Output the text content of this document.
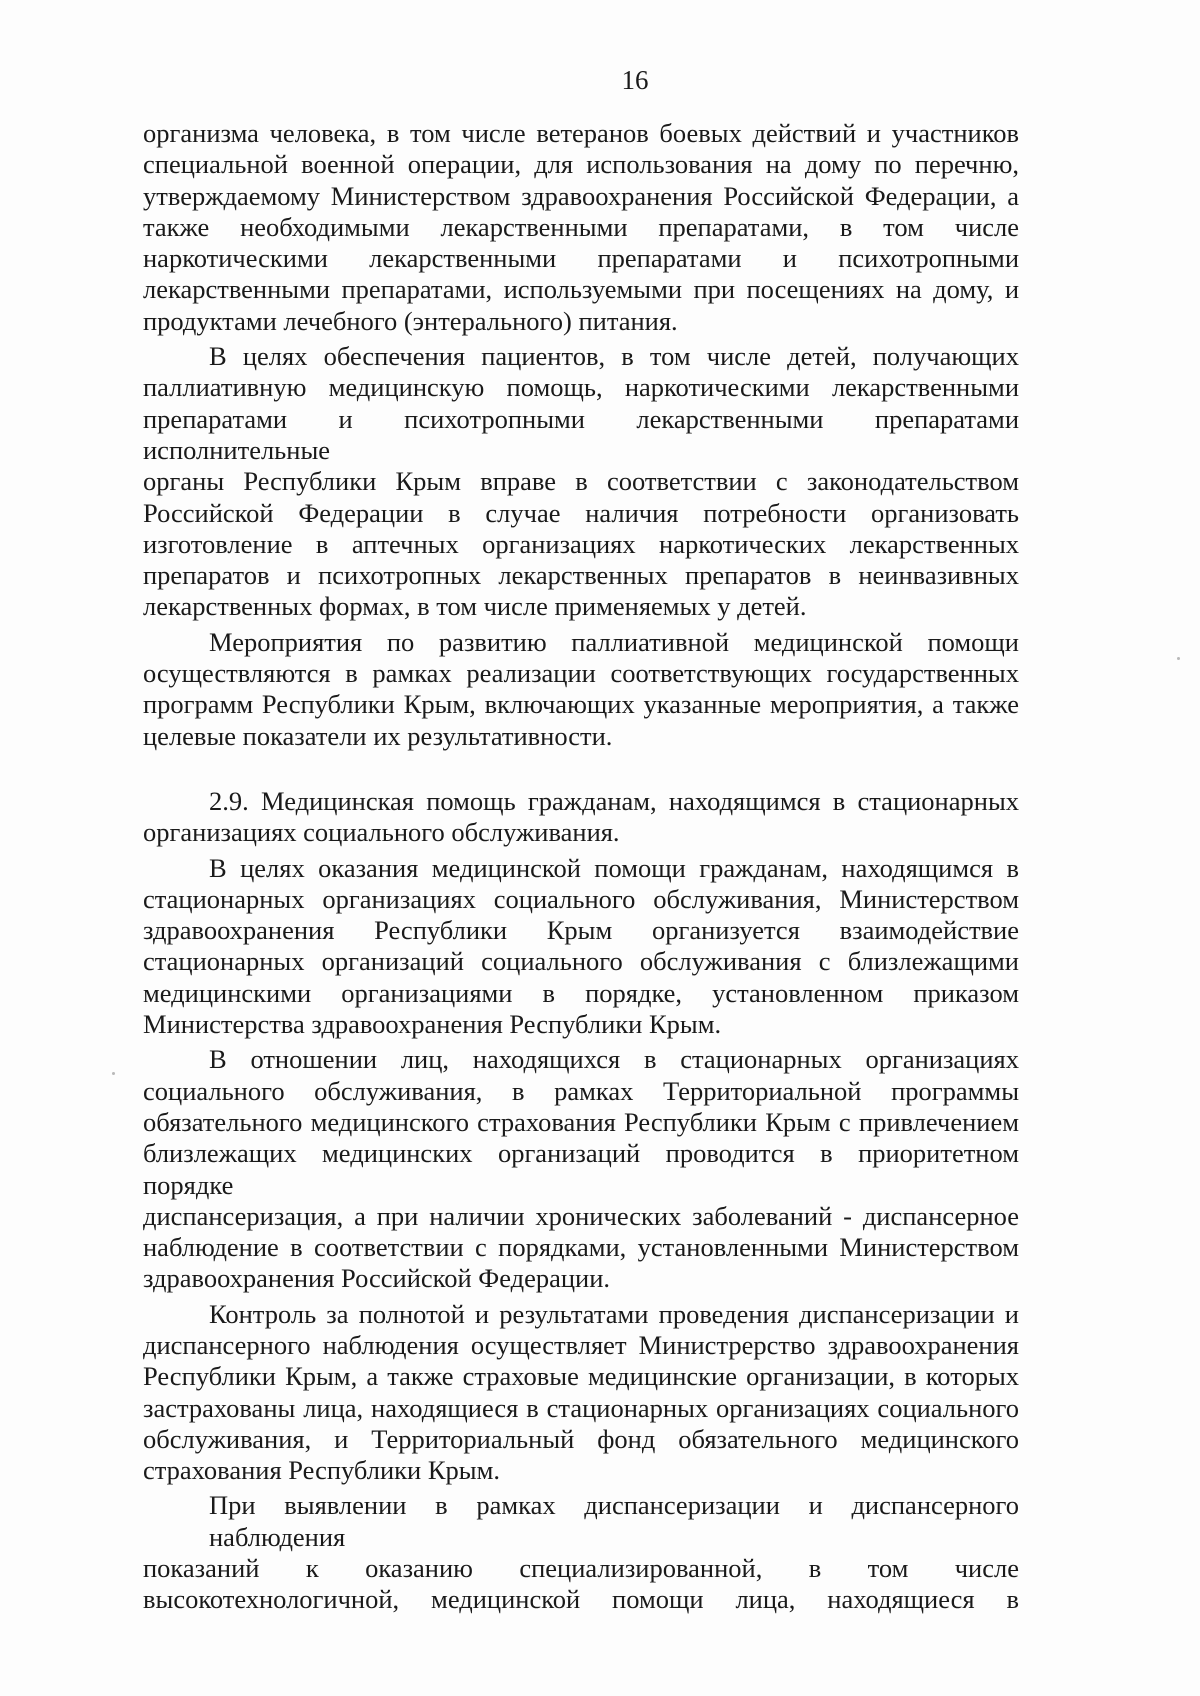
16

организма человека, в том числе ветеранов боевых действий и участников
специальной военной операции, для использования на дому по перечню,
утверждаемому Министерством здравоохранения Российской Федерации, а
также необходимыми лекарственными препаратами, в том числе
наркотическими лекарственными препаратами и психотропными
лекарственными препаратами, используемыми при посещениях на дому, и
продуктами лечебного (энтерального) питания.

В целях обеспечения пациентов, в том числе детей, получающих
паллиативную медицинскую помощь, наркотическими лекарственными
препаратами и психотропными лекарственными препаратами исполнительные
органы Республики Крым вправе в соответствии с законодательством
Российской Федерации в случае наличия потребности организовать
изготовление в аптечных организациях наркотических лекарственных
препаратов и психотропных лекарственных препаратов в неинвазивных
лекарственных формах, в том числе применяемых у детей.

Мероприятия по развитию паллиативной медицинской помощи
осуществляются в рамках реализации соответствующих государственных
программ Республики Крым, включающих указанные мероприятия, а также
целевые показатели их результативности.

2.9. Медицинская помощь гражданам, находящимся в стационарных
организациях социального обслуживания.

В целях оказания медицинской помощи гражданам, находящимся в
стационарных организациях социального обслуживания, Министерством
здравоохранения Республики Крым организуется взаимодействие
стационарных организаций социального обслуживания с близлежащими
медицинскими организациями в порядке, установленном приказом
Министерства здравоохранения Республики Крым.

В отношении лиц, находящихся в стационарных организациях
социального обслуживания, в рамках Территориальной программы
обязательного медицинского страхования Республики Крым с привлечением
близлежащих медицинских организаций проводится в приоритетном порядке
диспансеризация, а при наличии хронических заболеваний - диспансерное
наблюдение в соответствии с порядками, установленными Министерством
здравоохранения Российской Федерации.

Контроль за полнотой и результатами проведения диспансеризации и
диспансерного наблюдения осуществляет Министрерство здравоохранения
Республики Крым, а также страховые медицинские организации, в которых
застрахованы лица, находящиеся в стационарных организациях социального
обслуживания, и Территориальный фонд обязательного медицинского
страхования Республики Крым.

При выявлении в рамках диспансеризации и диспансерного наблюдения
показаний к оказанию специализированной, в том числе
высокотехнологичной, медицинской помощи лица, находящиеся в
